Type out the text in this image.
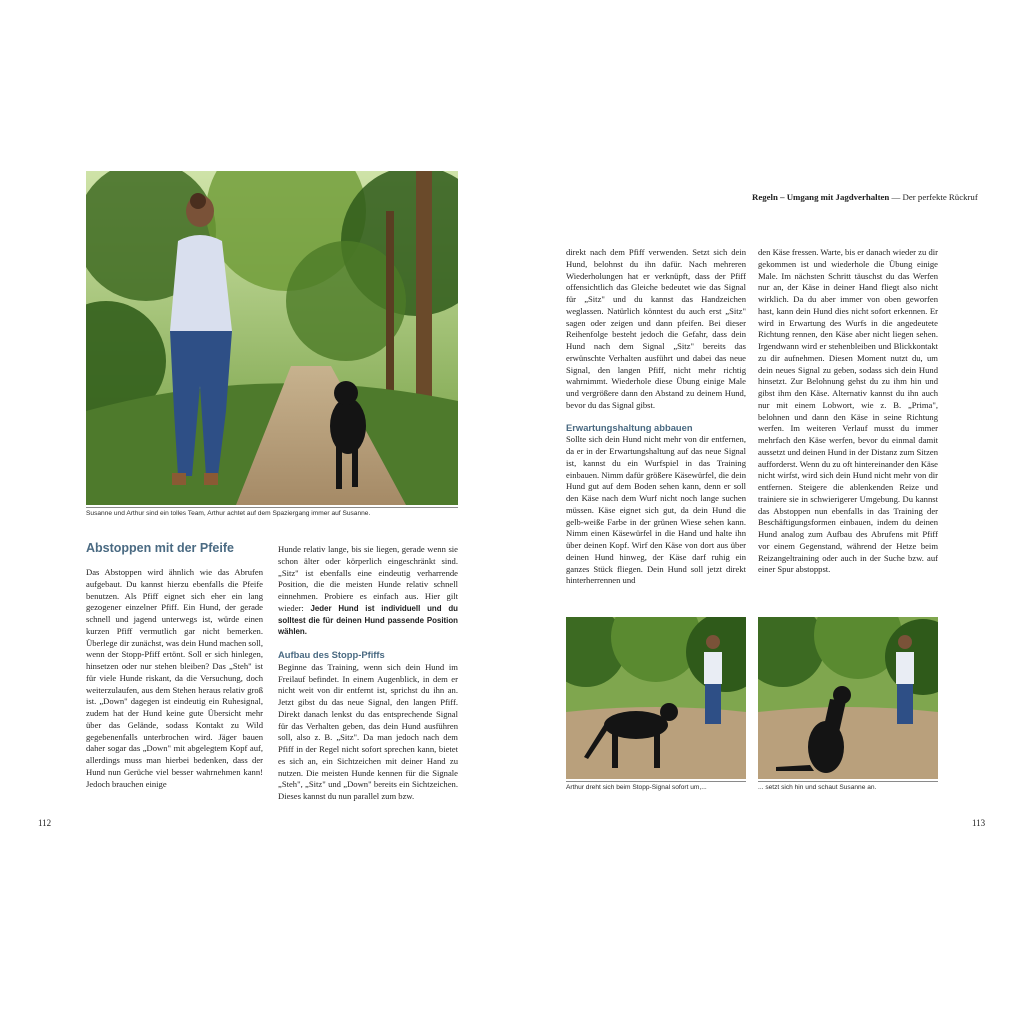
Regeln – Umgang mit Jagdverhalten — Der perfekte Rückruf
Susanne und Arthur sind ein tolles Team, Arthur achtet auf dem Spaziergang immer auf Susanne.
Abstoppen mit der Pfeife

Das Abstoppen wird ähnlich wie das Abrufen aufgebaut. Du kannst hierzu ebenfalls die Pfeife benutzen. Als Pfiff eignet sich eher ein lang gezogener einzelner Pfiff. Ein Hund, der gerade schnell und jagend unterwegs ist, würde einen kurzen Pfiff vermutlich gar nicht bemerken. Überlege dir zunächst, was dein Hund machen soll, wenn der Stopp-Pfiff ertönt. Soll er sich hinlegen, hinsetzen oder nur stehen bleiben? Das „Steh" ist für viele Hunde riskant, da die Versuchung, doch weiterzulaufen, aus dem Stehen heraus relativ groß ist. „Down" dagegen ist eindeutig ein Ruhesignal, zudem hat der Hund keine gute Übersicht mehr über das Gelände, sodass Kontakt zu Wild gegebenenfalls unterbrochen wird. Jäger bauen daher sogar das „Down" mit abgelegtem Kopf auf, allerdings muss man hierbei bedenken, dass der Hund nun Gerüche viel besser wahrnehmen kann! Jedoch brauchen einige

Hunde relativ lange, bis sie liegen, gerade wenn sie schon älter oder körperlich eingeschränkt sind. „Sitz" ist ebenfalls eine eindeutig verharrende Position, die die meisten Hunde relativ schnell einnehmen. Probiere es einfach aus. Hier gilt wieder: Jeder Hund ist individuell und du solltest die für deinen Hund passende Position wählen.

Aufbau des Stopp-Pfiffs

Beginne das Training, wenn sich dein Hund im Freilauf befindet. In einem Augenblick, in dem er nicht weit von dir entfernt ist, sprichst du ihn an. Jetzt gibst du das neue Signal, den langen Pfiff. Direkt danach lenkst du das entsprechende Signal für das Verhalten geben, das dein Hund ausführen soll, also z. B. „Sitz". Da man jedoch nach dem Pfiff in der Regel nicht sofort sprechen kann, bietet es sich an, ein Sichtzeichen mit deiner Hand zu nutzen. Die meisten Hunde kennen für die Signale „Steh", „Sitz" und „Down" bereits ein Sichtzeichen. Dieses kannst du nun parallel zum bzw.

112

direkt nach dem Pfiff verwenden. Setzt sich dein Hund, belohnst du ihn dafür. Nach mehreren Wiederholungen hat er verknüpft, dass der Pfiff offensichtlich das Gleiche bedeutet wie das Signal für „Sitz" und du kannst das Handzeichen weglassen. Natürlich könntest du auch erst „Sitz" sagen oder zeigen und dann pfeifen. Bei dieser Reihenfolge besteht jedoch die Gefahr, dass dein Hund nach dem Signal „Sitz" bereits das erwünschte Verhalten ausführt und dabei das neue Signal, den langen Pfiff, nicht mehr richtig wahrnimmt. Wiederhole diese Übung einige Male und vergrößere dann den Abstand zu deinem Hund, bevor du das Signal gibst.

Erwartungshaltung abbauen

Sollte sich dein Hund nicht mehr von dir entfernen, da er in der Erwartungshaltung auf das neue Signal ist, kannst du ein Wurfspiel in das Training einbauen. Nimm dafür größere Käsewürfel, die dein Hund gut auf dem Boden sehen kann, denn er soll den Käse nach dem Wurf nicht noch lange suchen müssen. Käse eignet sich gut, da dein Hund die gelb-weiße Farbe in der grünen Wiese sehen kann. Nimm einen Käsewürfel in die Hand und halte ihn über deinen Kopf. Wirf den Käse von dort aus über deinen Hund hinweg, der Käse darf ruhig ein ganzes Stück fliegen. Dein Hund soll jetzt direkt hinterherrennen und

den Käse fressen. Warte, bis er danach wieder zu dir gekommen ist und wiederhole die Übung einige Male. Im nächsten Schritt täuschst du das Werfen nur an, der Käse in deiner Hand fliegt also nicht wirklich. Da du aber immer von oben geworfen hast, kann dein Hund dies nicht sofort erkennen. Er wird in Erwartung des Wurfs in die angedeutete Richtung rennen, den Käse aber nicht liegen sehen. Irgendwann wird er stehenbleiben und Blickkontakt zu dir aufnehmen. Diesen Moment nutzt du, um dein neues Signal zu geben, sodass sich dein Hund hinsetzt. Zur Belohnung gehst du zu ihm hin und gibst ihm den Käse. Alternativ kannst du ihn auch nur mit einem Lobwort, wie z. B. „Prima", belohnen und dann den Käse in seine Richtung werfen. Im weiteren Verlauf musst du immer mehrfach den Käse werfen, bevor du einmal damit aussetzt und deinen Hund in der Distanz zum Sitzen aufforderst. Wenn du zu oft hintereinander den Käse nicht wirfst, wird sich dein Hund nicht mehr von dir entfernen. Steigere die ablenkenden Reize und trainiere sie in schwierigerer Umgebung. Du kannst das Abstoppen nun ebenfalls in das Training der Beschäftigungsformen einbauen, indem du deinen Hund analog zum Aufbau des Abrufens mit Pfiff vor einem Gegenstand, während der Hetze beim Reizangeltraining oder auch in der Suche bzw. auf einer Spur abstoppst.

Arthur dreht sich beim Stopp-Signal sofort um,...	... setzt sich hin und schaut Susanne an.
113
